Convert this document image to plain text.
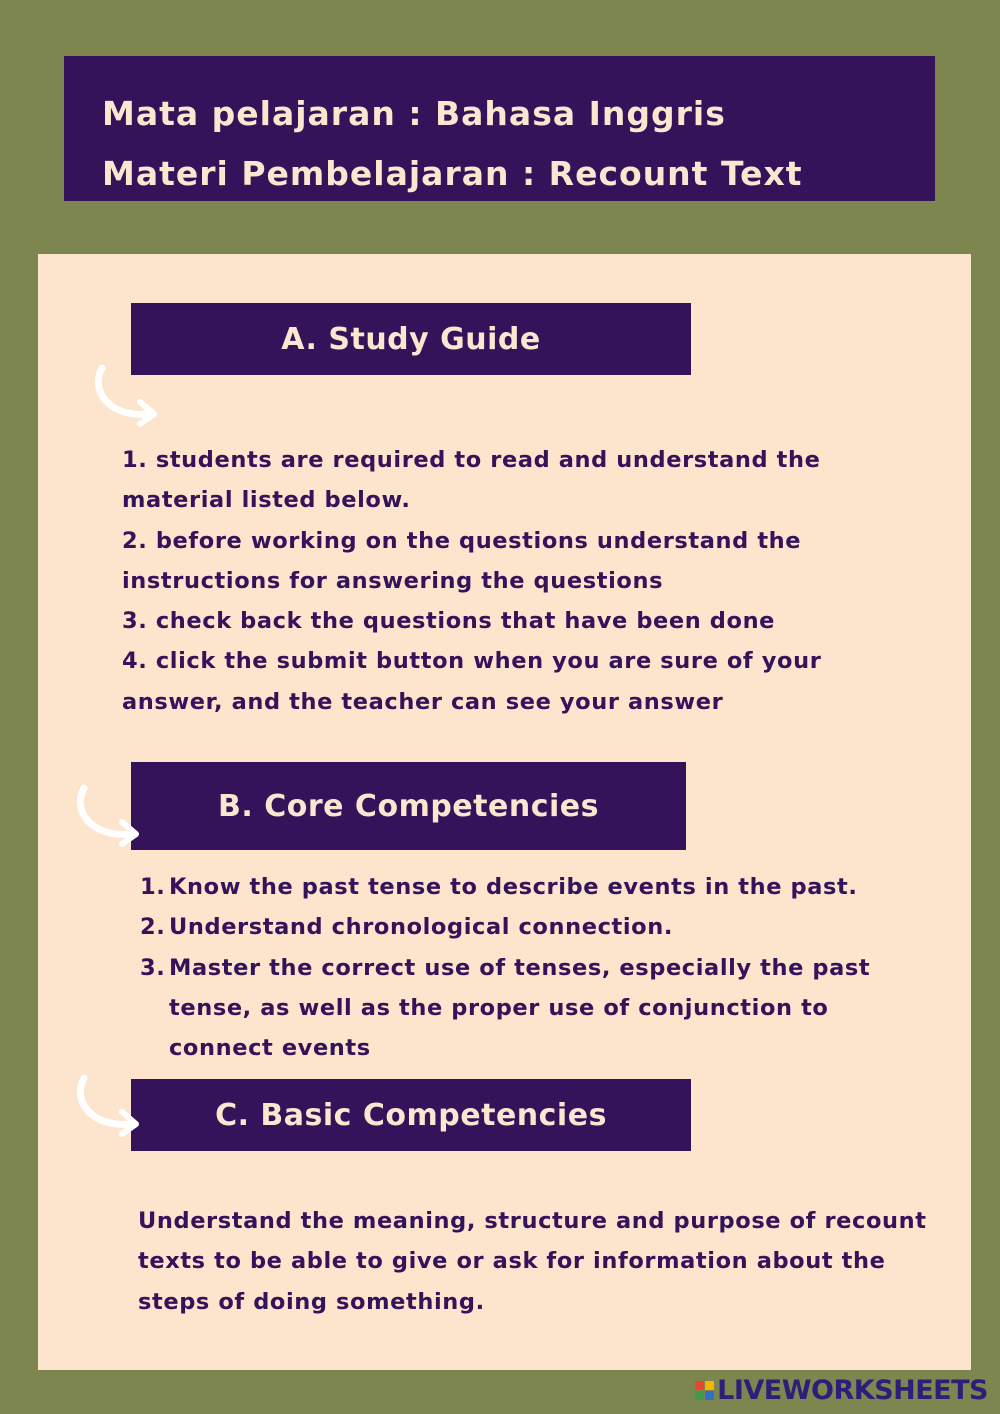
Mata pelajaran : Bahasa Inggris
Materi Pembelajaran : Recount Text
A. Study Guide

1. students are required to read and understand the

material listed below.

2. before working on the questions understand the

instructions for answering the questions

3. check back the questions that have been done

4. click the submit button when you are sure of your

answer, and the teacher can see your answer

B. Core Competencies
1. Know the past tense to describe events in the past.
2. Understand chronological connection.
3. Master the correct use of tenses, especially the past
tense, as well as the proper use of conjunction to
connect events
C. Basic Competencies

Understand the meaning, structure and purpose of recount

texts to be able to give or ask for information about the

steps of doing something.

LIVEWORKSHEETS
